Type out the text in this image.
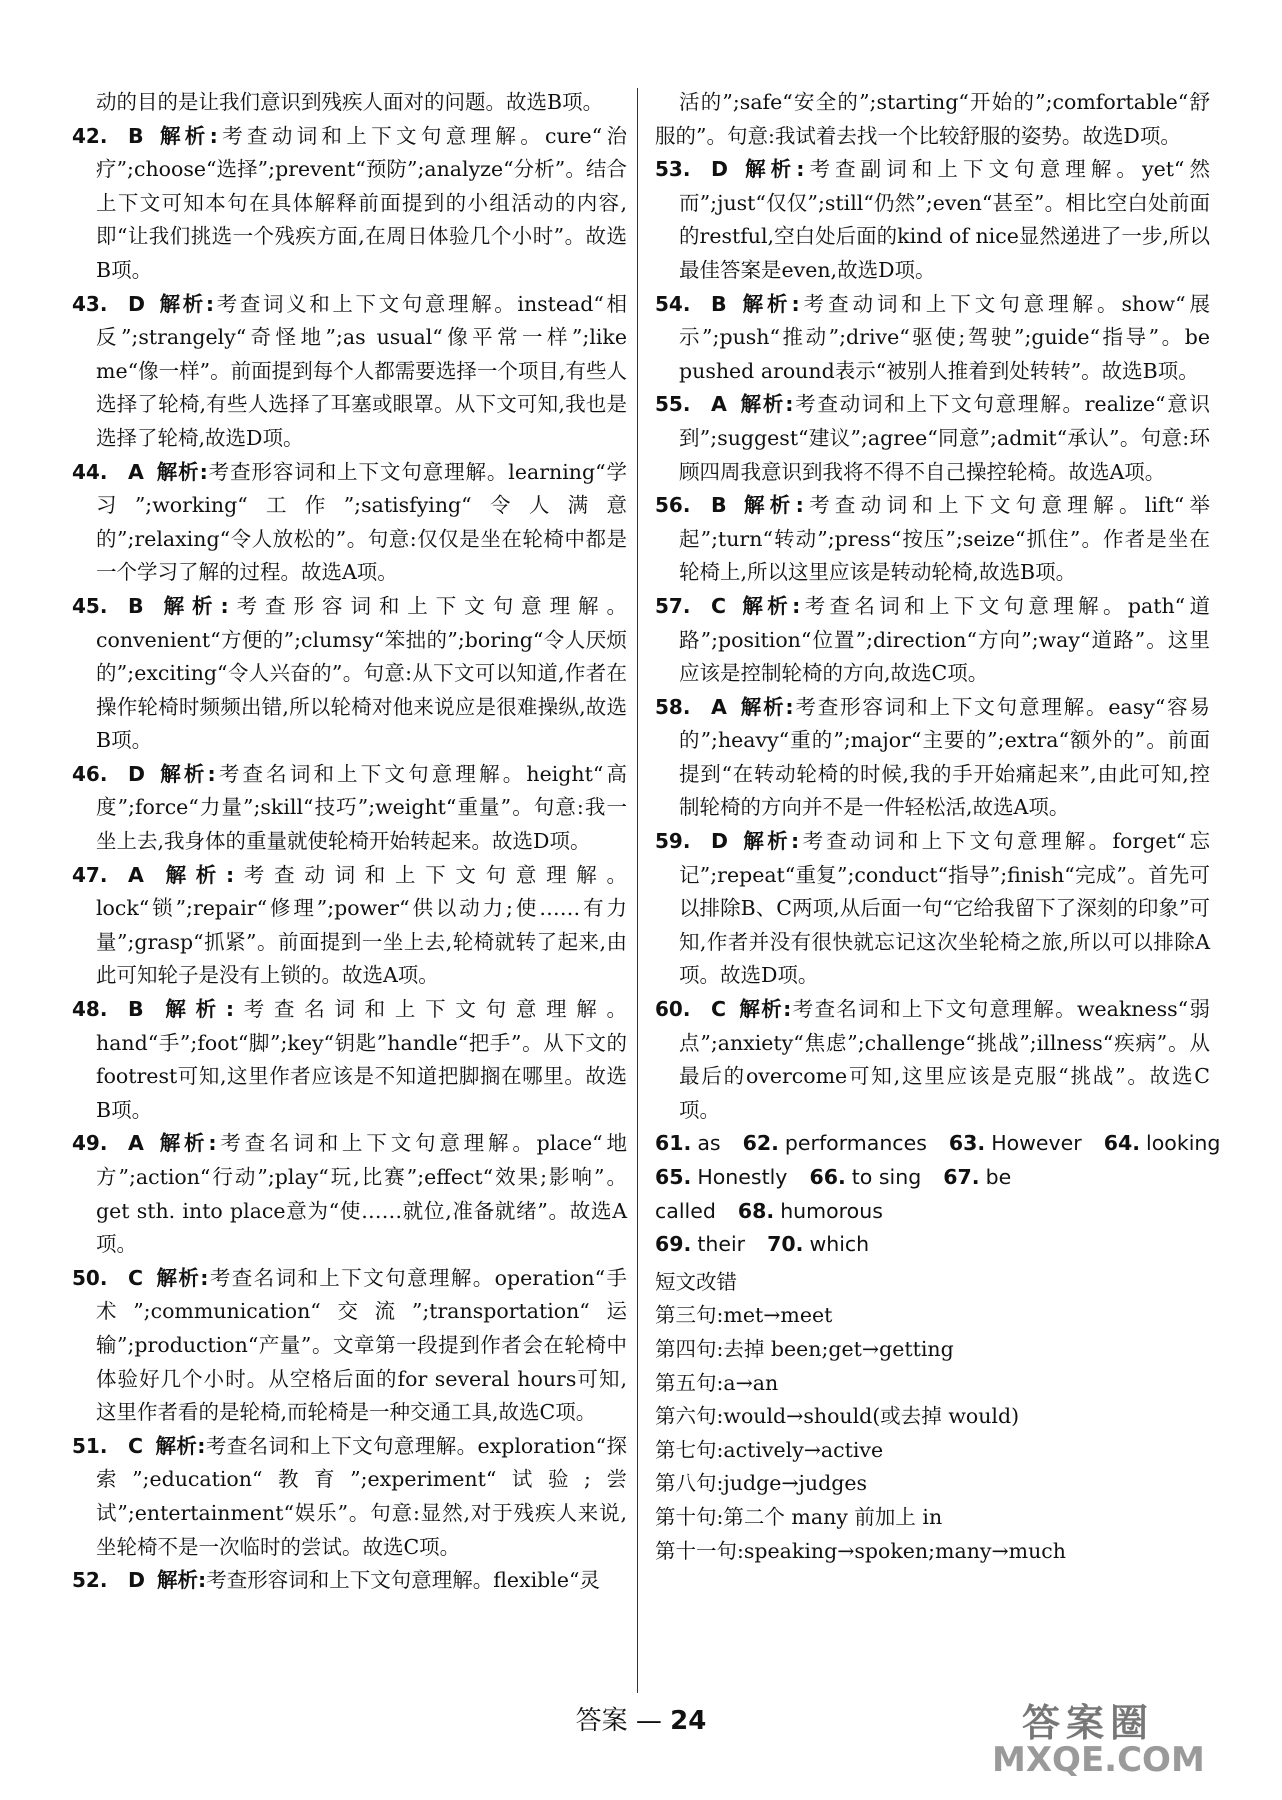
动的目的是让我们意识到残疾人面对的问题。故选B项。

42. B 解析:考查动词和上下文句意理解。cure“治疗”;choose“选择”;prevent“预防”;analyze“分析”。结合上下文可知本句在具体解释前面提到的小组活动的内容,即“让我们挑选一个残疾方面,在周日体验几个小时”。故选B项。

43. D 解析:考查词义和上下文句意理解。instead“相反”;strangely“奇怪地”;as usual“像平常一样”;like me“像一样”。前面提到每个人都需要选择一个项目,有些人选择了轮椅,有些人选择了耳塞或眼罩。从下文可知,我也是选择了轮椅,故选D项。

44. A 解析:考查形容词和上下文句意理解。learning“学习”;working“工作”;satisfying“令人满意的”;relaxing“令人放松的”。句意:仅仅是坐在轮椅中都是一个学习了解的过程。故选A项。

45. B 解析:考查形容词和上下文句意理解。convenient“方便的”;clumsy“笨拙的”;boring“令人厌烦的”;exciting“令人兴奋的”。句意:从下文可以知道,作者在操作轮椅时频频出错,所以轮椅对他来说应是很难操纵,故选B项。

46. D 解析:考查名词和上下文句意理解。height“高度”;force“力量”;skill“技巧”;weight“重量”。句意:我一坐上去,我身体的重量就使轮椅开始转起来。故选D项。

47. A 解析:考查动词和上下文句意理解。lock“锁”;repair“修理”;power“供以动力;使……有力量”;grasp“抓紧”。前面提到一坐上去,轮椅就转了起来,由此可知轮子是没有上锁的。故选A项。

48. B 解析:考查名词和上下文句意理解。hand“手”;foot“脚”;key“钥匙”handle“把手”。从下文的footrest可知,这里作者应该是不知道把脚搁在哪里。故选B项。

49. A 解析:考查名词和上下文句意理解。place“地方”;action“行动”;play“玩,比赛”;effect“效果;影响”。get sth. into place意为“使……就位,准备就绪”。故选A项。

50. C 解析:考查名词和上下文句意理解。operation“手术”;communication“交流”;transportation“运输”;production“产量”。文章第一段提到作者会在轮椅中体验好几个小时。从空格后面的for several hours可知,这里作者看的是轮椅,而轮椅是一种交通工具,故选C项。

51. C 解析:考查名词和上下文句意理解。exploration“探索”;education“教育”;experiment“试验;尝试”;entertainment“娱乐”。句意:显然,对于残疾人来说,坐轮椅不是一次临时的尝试。故选C项。

52. D 解析:考查形容词和上下文句意理解。flexible“灵

活的”;safe“安全的”;starting“开始的”;comfortable“舒服的”。句意:我试着去找一个比较舒服的姿势。故选D项。

53. D 解析:考查副词和上下文句意理解。yet“然而”;just“仅仅”;still“仍然”;even“甚至”。相比空白处前面的restful,空白处后面的kind of nice显然递进了一步,所以最佳答案是even,故选D项。

54. B 解析:考查动词和上下文句意理解。show“展示”;push“推动”;drive“驱使;驾驶”;guide“指导”。be pushed around表示“被别人推着到处转转”。故选B项。

55. A 解析:考查动词和上下文句意理解。realize“意识到”;suggest“建议”;agree“同意”;admit“承认”。句意:环顾四周我意识到我将不得不自己操控轮椅。故选A项。

56. B 解析:考查动词和上下文句意理解。lift“举起”;turn“转动”;press“按压”;seize“抓住”。作者是坐在轮椅上,所以这里应该是转动轮椅,故选B项。

57. C 解析:考查名词和上下文句意理解。path“道路”;position“位置”;direction“方向”;way“道路”。这里应该是控制轮椅的方向,故选C项。

58. A 解析:考查形容词和上下文句意理解。easy“容易的”;heavy“重的”;major“主要的”;extra“额外的”。前面提到“在转动轮椅的时候,我的手开始痛起来”,由此可知,控制轮椅的方向并不是一件轻松活,故选A项。

59. D 解析:考查动词和上下文句意理解。forget“忘记”;repeat“重复”;conduct“指导”;finish“完成”。首先可以排除B、C两项,从后面一句“它给我留下了深刻的印象”可知,作者并没有很快就忘记这次坐轮椅之旅,所以可以排除A项。故选D项。

60. C 解析:考查名词和上下文句意理解。weakness“弱点”;anxiety“焦虑”;challenge“挑战”;illness“疾病”。从最后的overcome可知,这里应该是克服“挑战”。故选C项。

61. as 62. performances 63. However 64. looking
65. Honestly 66. to sing 67. be called 68. humorous
69. their 70. which

短文改错

第三句:met→meet

第四句:去掉 been;get→getting

第五句:a→an

第六句:would→should(或去掉 would)

第七句:actively→active

第八句:judge→judges

第十句:第二个 many 前加上 in

第十一句:speaking→spoken;many→much

答案 — 24	答案圈
MXQE.COM
